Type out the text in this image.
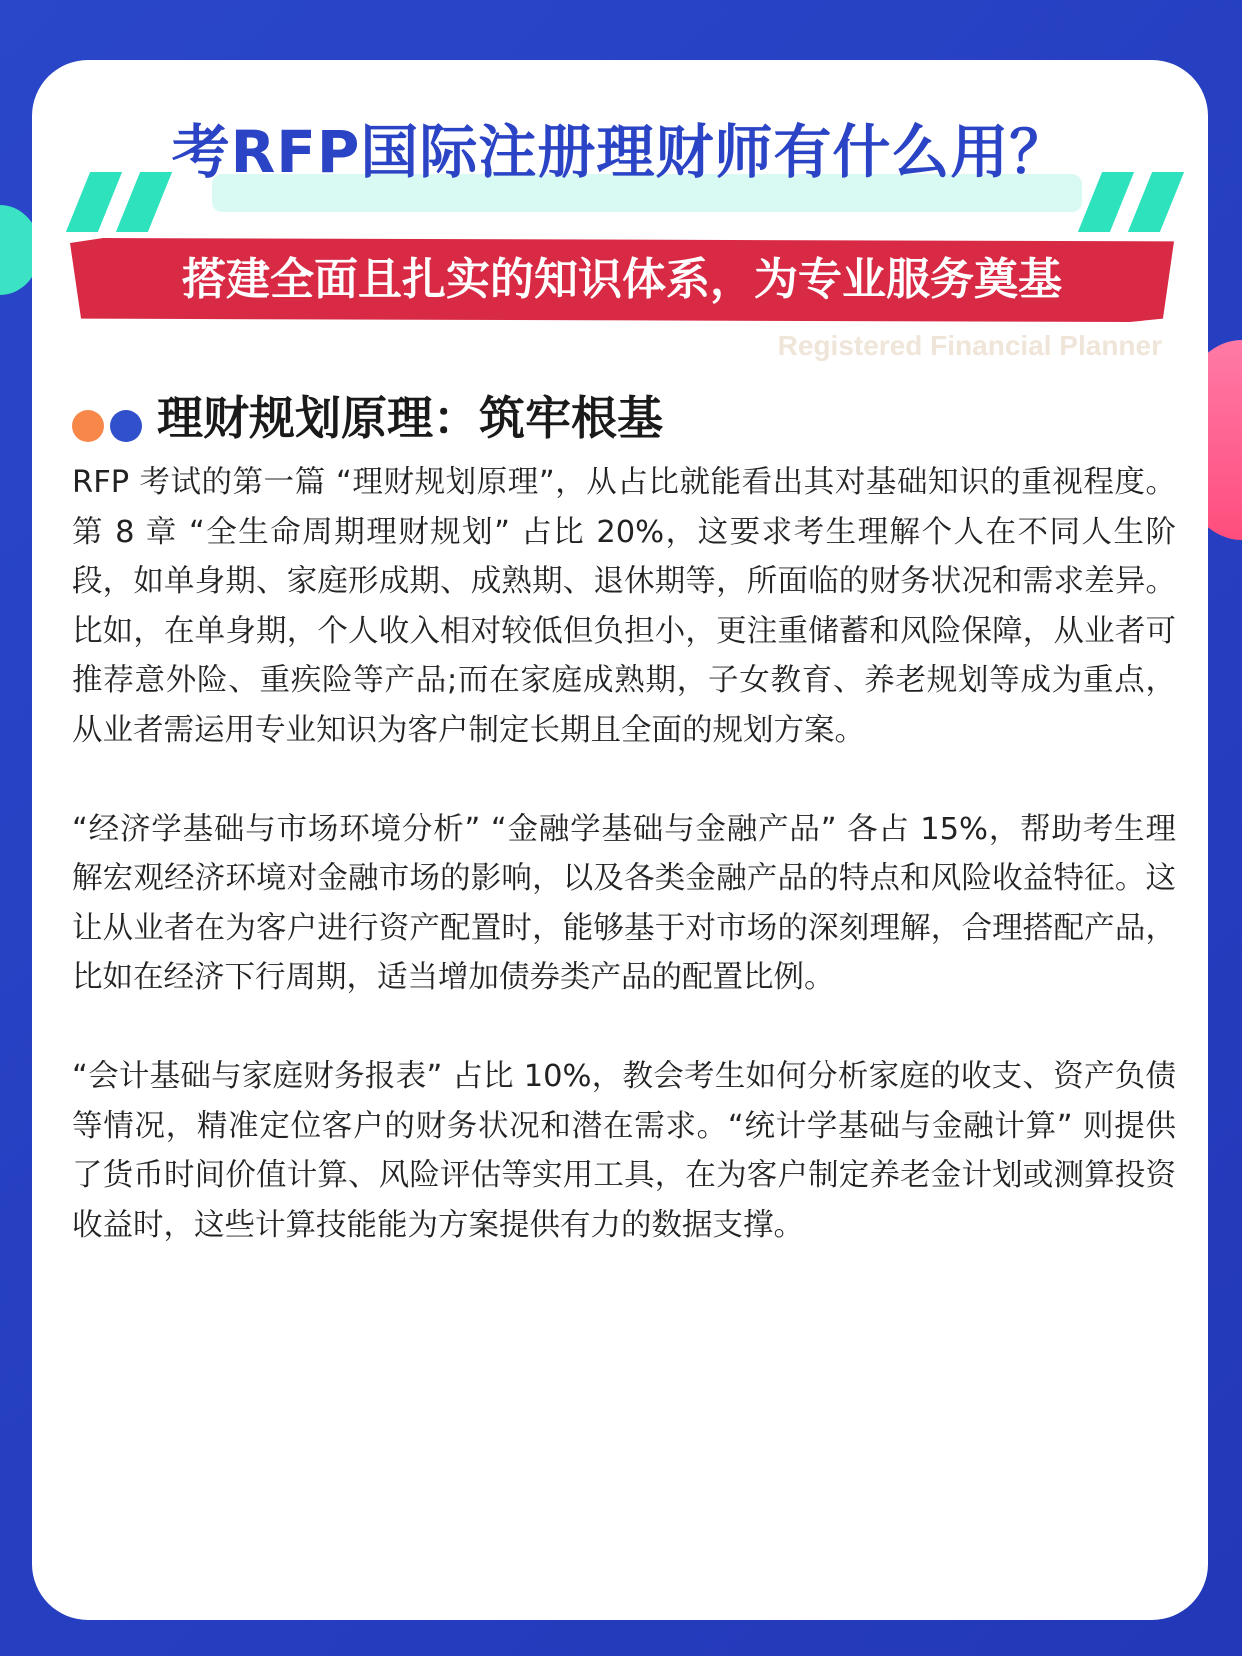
考RFP国际注册理财师有什么用？
搭建全面且扎实的知识体系，为专业服务奠基
Registered Financial Planner
理财规划原理：筑牢根基

RFP 考试的第一篇 “理财规划原理”，从占比就能看出其对基础知识的重视程度。第 8 章 “全生命周期理财规划” 占比 20%，这要求考生理解个人在不同人生阶段，如单身期、家庭形成期、成熟期、退休期等，所面临的财务状况和需求差异。比如，在单身期，个人收入相对较低但负担小，更注重储蓄和风险保障，从业者可推荐意外险、重疾险等产品;而在家庭成熟期，子女教育、养老规划等成为重点，从业者需运用专业知识为客户制定长期且全面的规划方案。

“经济学基础与市场环境分析” “金融学基础与金融产品” 各占 15%，帮助考生理解宏观经济环境对金融市场的影响，以及各类金融产品的特点和风险收益特征。这让从业者在为客户进行资产配置时，能够基于对市场的深刻理解，合理搭配产品，比如在经济下行周期，适当增加债券类产品的配置比例。

“会计基础与家庭财务报表” 占比 10%，教会考生如何分析家庭的收支、资产负债等情况，精准定位客户的财务状况和潜在需求。“统计学基础与金融计算” 则提供了货币时间价值计算、风险评估等实用工具，在为客户制定养老金计划或测算投资收益时，这些计算技能能为方案提供有力的数据支撑。
